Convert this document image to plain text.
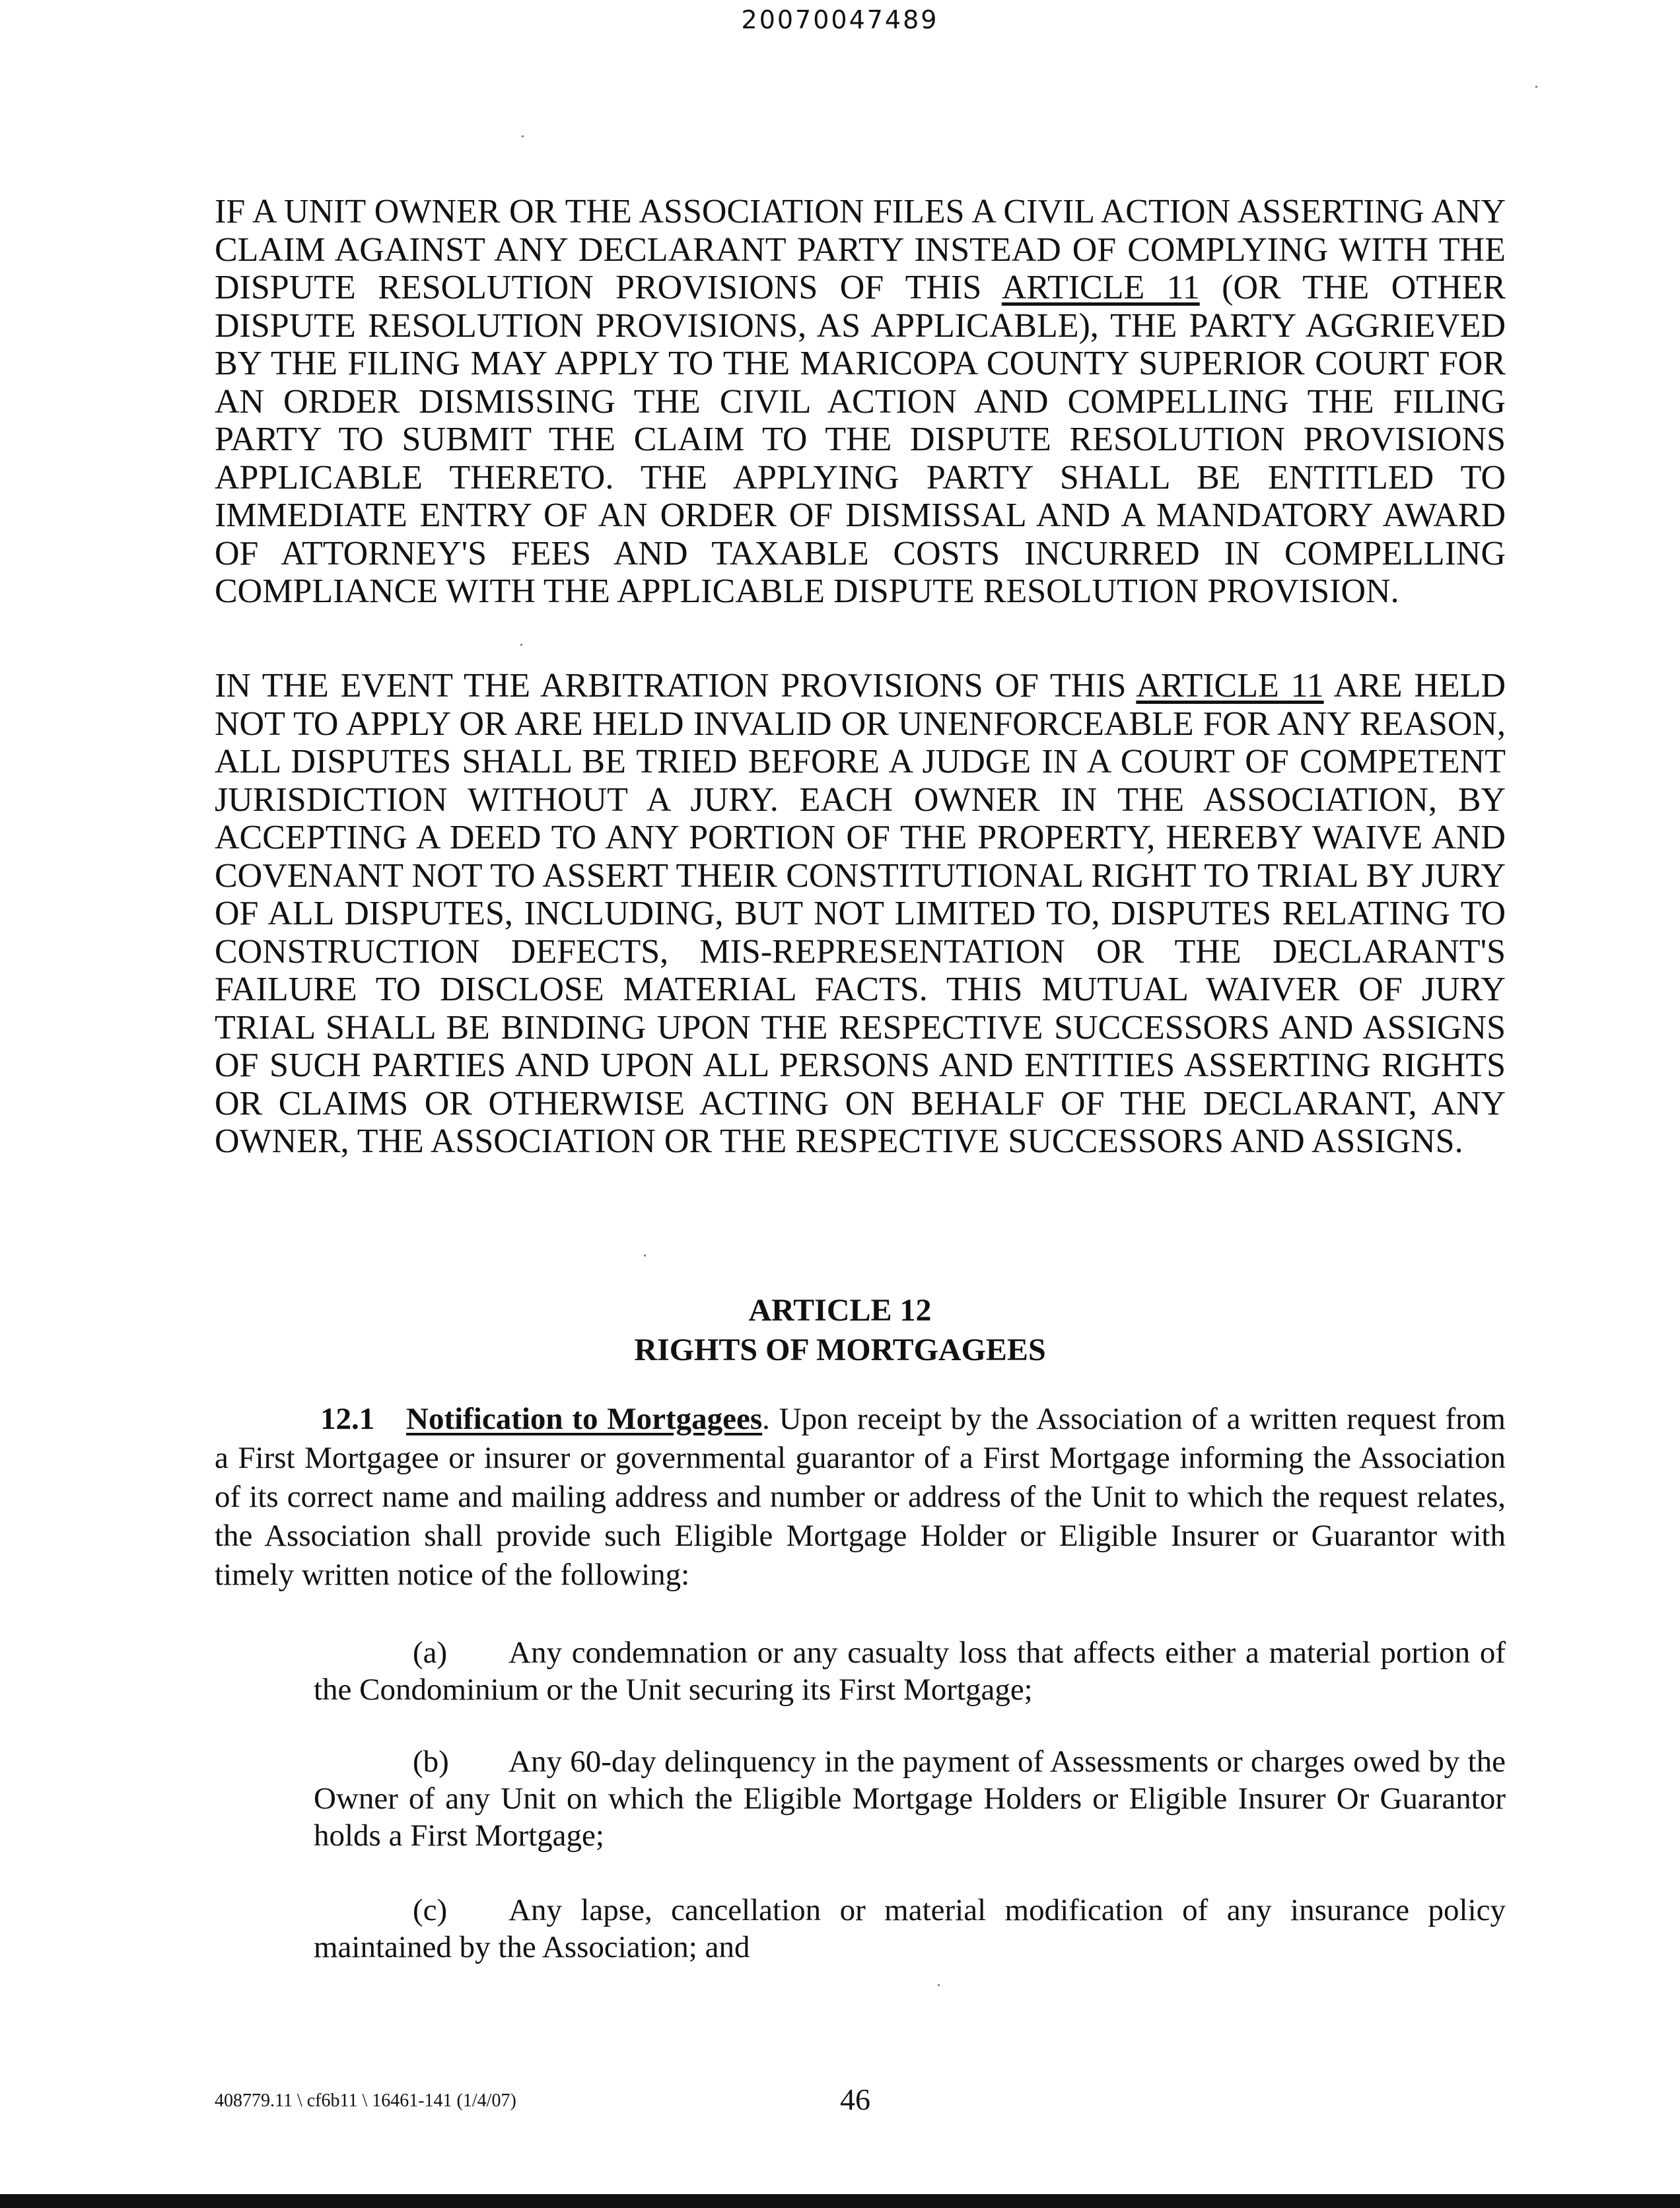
20070047489

IF A UNIT OWNER OR THE ASSOCIATION FILES A CIVIL ACTION ASSERTING ANY CLAIM AGAINST ANY DECLARANT PARTY INSTEAD OF COMPLYING WITH THE DISPUTE RESOLUTION PROVISIONS OF THIS ARTICLE 11 (OR THE OTHER DISPUTE RESOLUTION PROVISIONS, AS APPLICABLE), THE PARTY AGGRIEVED BY THE FILING MAY APPLY TO THE MARICOPA COUNTY SUPERIOR COURT FOR AN ORDER DISMISSING THE CIVIL ACTION AND COMPELLING THE FILING PARTY TO SUBMIT THE CLAIM TO THE DISPUTE RESOLUTION PROVISIONS APPLICABLE THERETO. THE APPLYING PARTY SHALL BE ENTITLED TO IMMEDIATE ENTRY OF AN ORDER OF DISMISSAL AND A MANDATORY AWARD OF ATTORNEY'S FEES AND TAXABLE COSTS INCURRED IN COMPELLING COMPLIANCE WITH THE APPLICABLE DISPUTE RESOLUTION PROVISION.

IN THE EVENT THE ARBITRATION PROVISIONS OF THIS ARTICLE 11 ARE HELD NOT TO APPLY OR ARE HELD INVALID OR UNENFORCEABLE FOR ANY REASON, ALL DISPUTES SHALL BE TRIED BEFORE A JUDGE IN A COURT OF COMPETENT JURISDICTION WITHOUT A JURY. EACH OWNER IN THE ASSOCIATION, BY ACCEPTING A DEED TO ANY PORTION OF THE PROPERTY, HEREBY WAIVE AND COVENANT NOT TO ASSERT THEIR CONSTITUTIONAL RIGHT TO TRIAL BY JURY OF ALL DISPUTES, INCLUDING, BUT NOT LIMITED TO, DISPUTES RELATING TO CONSTRUCTION DEFECTS, MIS-REPRESENTATION OR THE DECLARANT'S FAILURE TO DISCLOSE MATERIAL FACTS. THIS MUTUAL WAIVER OF JURY TRIAL SHALL BE BINDING UPON THE RESPECTIVE SUCCESSORS AND ASSIGNS OF SUCH PARTIES AND UPON ALL PERSONS AND ENTITIES ASSERTING RIGHTS OR CLAIMS OR OTHERWISE ACTING ON BEHALF OF THE DECLARANT, ANY OWNER, THE ASSOCIATION OR THE RESPECTIVE SUCCESSORS AND ASSIGNS.

ARTICLE 12
RIGHTS OF MORTGAGEES

12.1 Notification to Mortgagees. Upon receipt by the Association of a written request from a First Mortgagee or insurer or governmental guarantor of a First Mortgage informing the Association of its correct name and mailing address and number or address of the Unit to which the request relates, the Association shall provide such Eligible Mortgage Holder or Eligible Insurer or Guarantor with timely written notice of the following:

(a) Any condemnation or any casualty loss that affects either a material portion of the Condominium or the Unit securing its First Mortgage;

(b) Any 60-day delinquency in the payment of Assessments or charges owed by the Owner of any Unit on which the Eligible Mortgage Holders or Eligible Insurer Or Guarantor holds a First Mortgage;

(c) Any lapse, cancellation or material modification of any insurance policy maintained by the Association; and

408779.11 \ cf6b11 \ 16461-141 (1/4/07)	46
